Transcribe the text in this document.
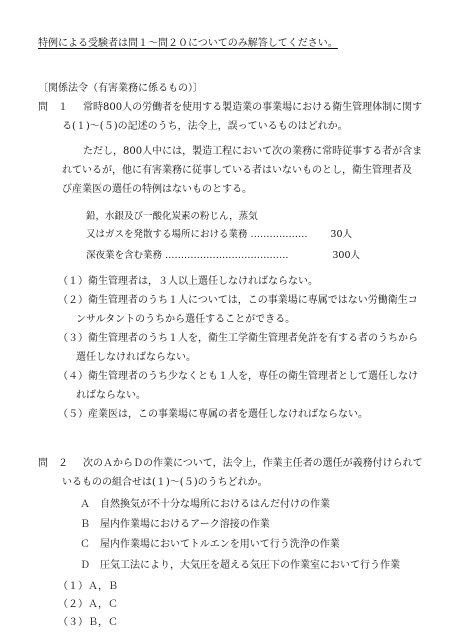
特例による受験者は問１～問２０についてのみ解答してください。
〔関係法令（有害業務に係るもの）〕
問　１ 常時800人の労働者を使用する製造業の事業場における衛生管理体制に関す
る(１)～(５)の記述のうち，法令上，誤っているものはどれか。
ただし，800人中には，製造工程において次の業務に常時従事する者が含ま
れているが，他に有害業務に従事している者はいないものとし，衛生管理者及
び産業医の選任の特例はないものとする。
鉛，水銀及び一酸化炭素の粉じん，蒸気
又はガスを発散する場所における業務 ……………… 30人
深夜業を含む業務 …………………………………	300人
（１）衛生管理者は，３人以上選任しなければならない。
（２）衛生管理者のうち１人については，この事業場に専属ではない労働衛生コ
ンサルタントのうちから選任することができる。
（３）衛生管理者のうち１人を，衛生工学衛生管理者免許を有する者のうちから
選任しなければならない。
（４）衛生管理者のうち少なくとも１人を，専任の衛生管理者として選任しなけ
ればならない。
（５）産業医は，この事業場に専属の者を選任しなければならない。
問　２ 次のＡからＤの作業について，法令上，作業主任者の選任が義務付けられて
いるものの組合せは(１)～(５)のうちどれか。
Ａ　自然換気が不十分な場所におけるはんだ付けの作業
Ｂ　屋内作業場におけるアーク溶接の作業
Ｃ　屋内作業場においてトルエンを用いて行う洗浄の作業
Ｄ　圧気工法により，大気圧を超える気圧下の作業室において行う作業
（１）Ａ，Ｂ
（２）Ａ，Ｃ
（３）Ｂ，Ｃ
